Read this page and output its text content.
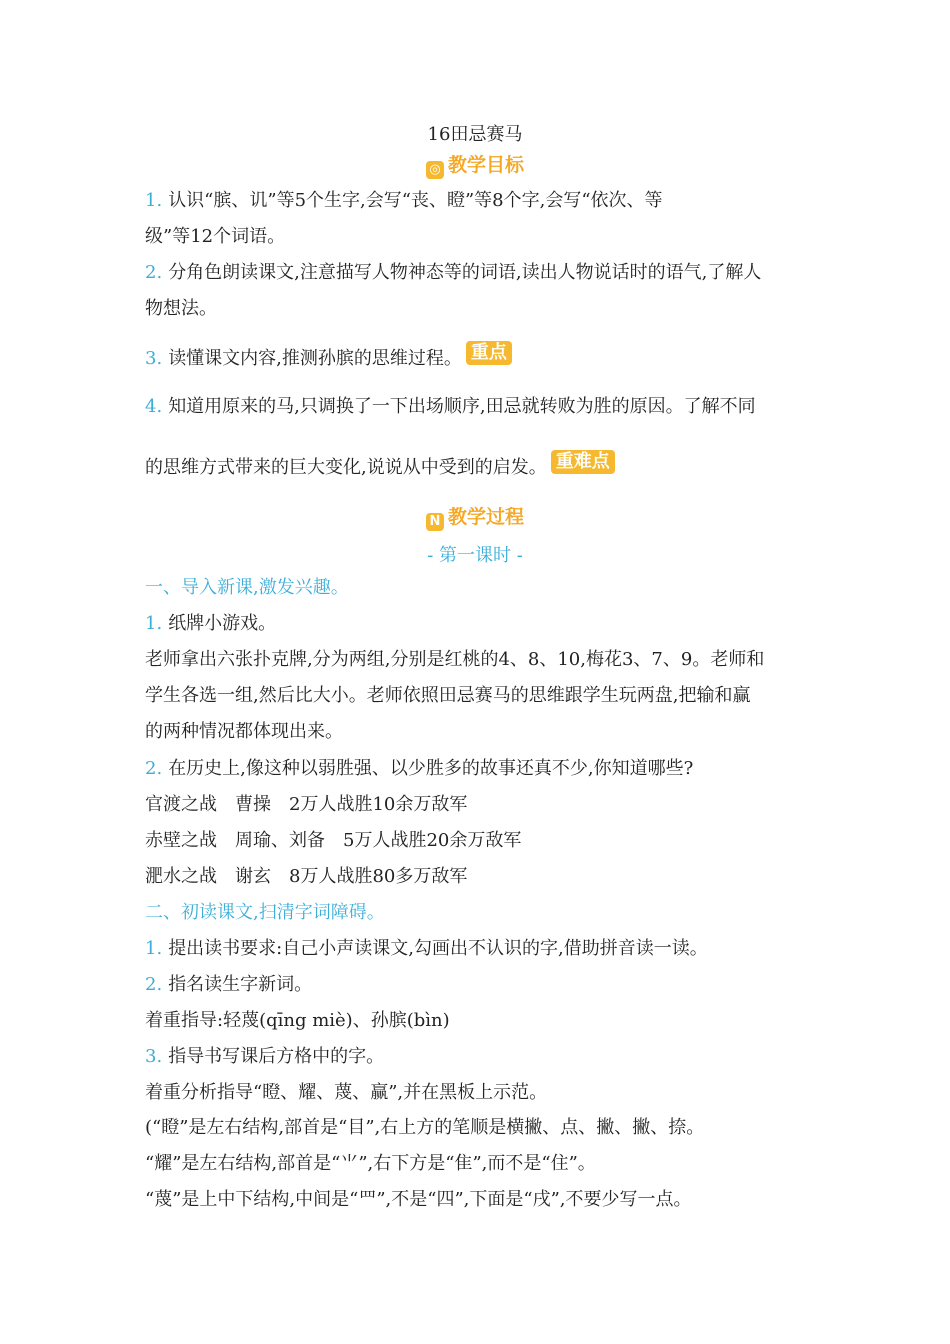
16田忌赛马
◎ 教学目标
1. 认识“膑、讥”等5个生字,会写“丧、瞪”等8个字,会写“依次、等
级”等12个词语。
2. 分角色朗读课文,注意描写人物神态等的词语,读出人物说话时的语气,了解人
物想法。
3. 读懂课文内容,推测孙膑的思维过程。 重点
4. 知道用原来的马,只调换了一下出场顺序,田忌就转败为胜的原因。了解不同
的思维方式带来的巨大变化,说说从中受到的启发。 重难点
N 教学过程
- 第一课时 -
一、导入新课,激发兴趣。
1. 纸牌小游戏。
老师拿出六张扑克牌,分为两组,分别是红桃的4、8、10,梅花3、7、9。老师和
学生各选一组,然后比大小。老师依照田忌赛马的思维跟学生玩两盘,把输和赢
的两种情况都体现出来。
2. 在历史上,像这种以弱胜强、以少胜多的故事还真不少,你知道哪些?
官渡之战　曹操　2万人战胜10余万敌军
赤壁之战　周瑜、刘备　5万人战胜20余万敌军
淝水之战　谢玄　8万人战胜80多万敌军
二、初读课文,扫清字词障碍。
1. 提出读书要求:自己小声读课文,勾画出不认识的字,借助拼音读一读。
2. 指名读生字新词。
着重指导:轻蔑(qīng miè)、孙膑(bìn)
3. 指导书写课后方格中的字。
着重分析指导“瞪、耀、蔑、赢”,并在黑板上示范。
(“瞪”是左右结构,部首是“目”,右上方的笔顺是横撇、点、撇、撇、捺。
“耀”是左右结构,部首是“⺌”,右下方是“隹”,而不是“住”。
“蔑”是上中下结构,中间是“罒”,不是“四”,下面是“戌”,不要少写一点。
